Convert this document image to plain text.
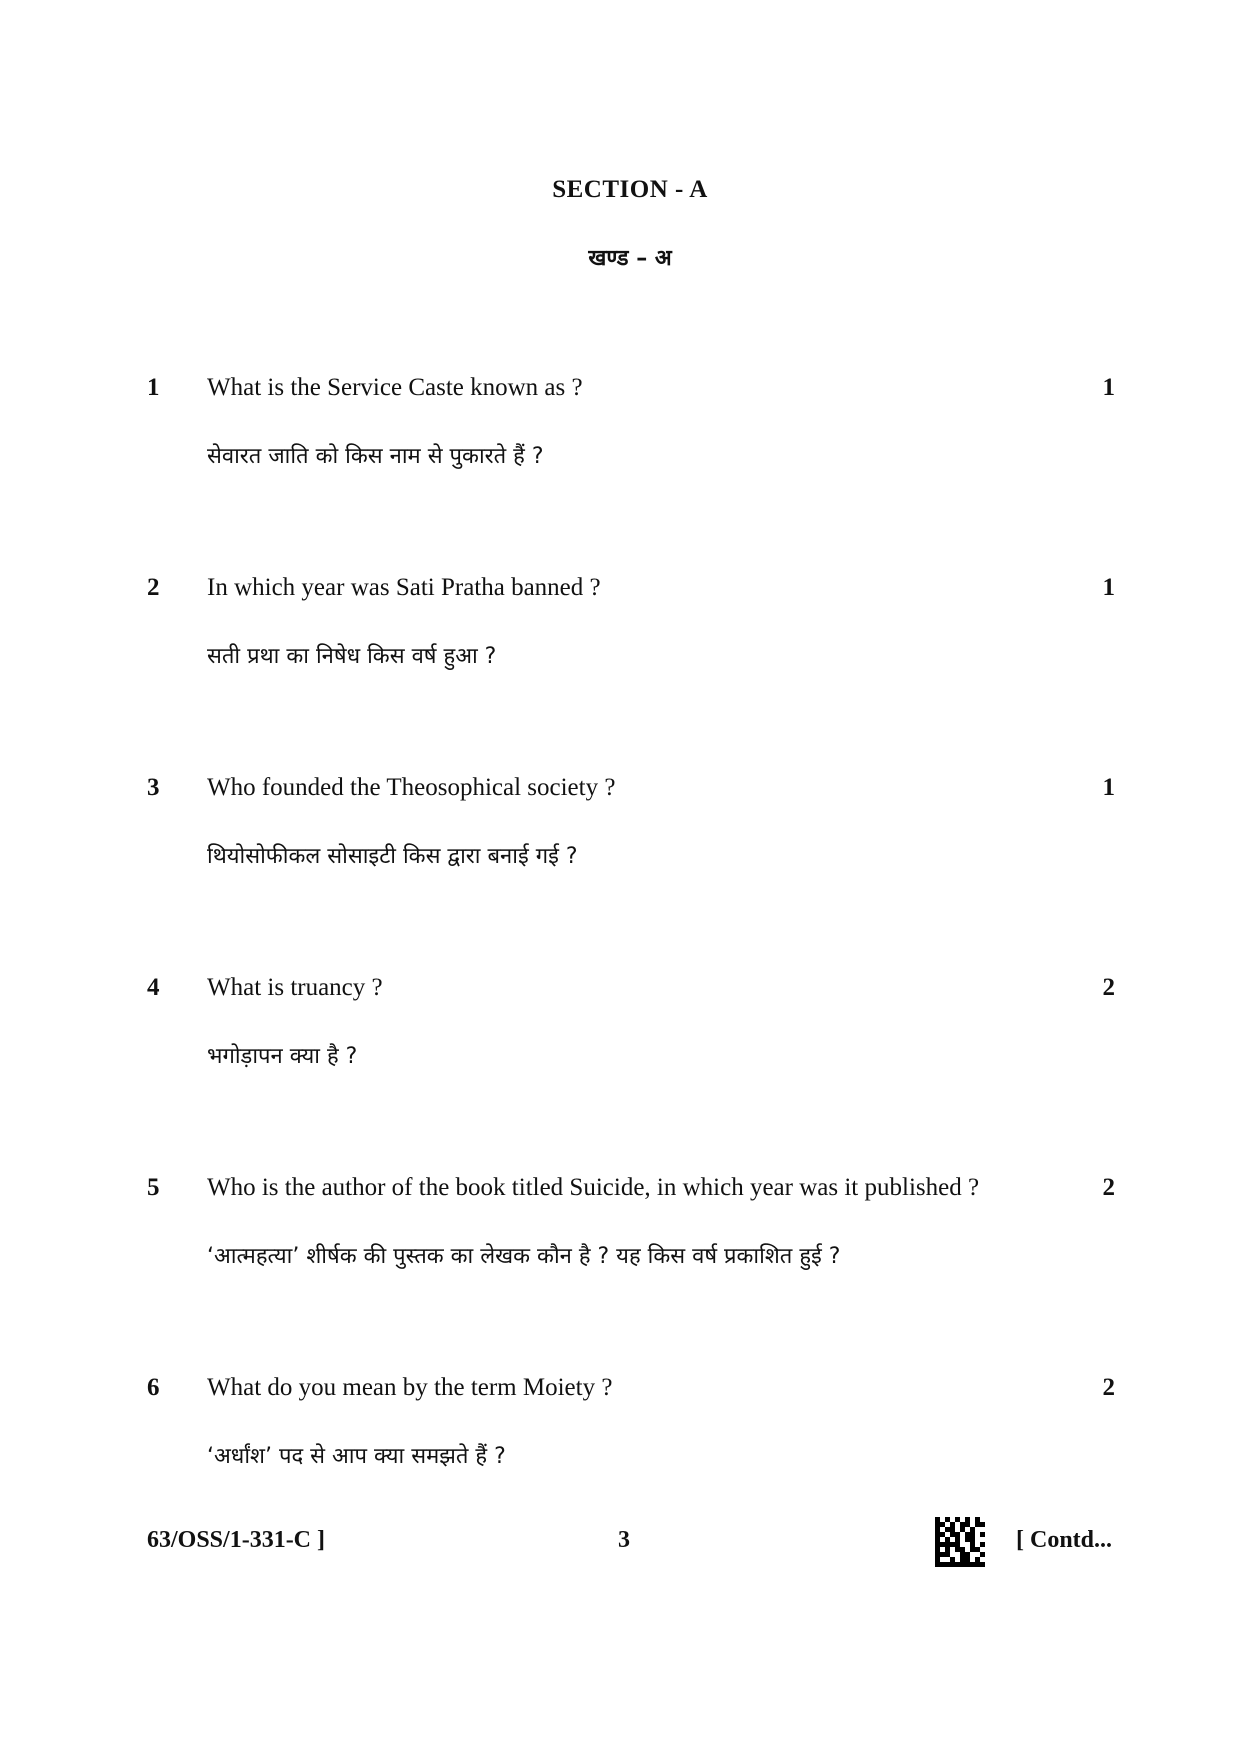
SECTION - A
खण्ड – अ
1 What is the Service Caste known as ?
सेवारत जाति को किस नाम से पुकारते हैं ?
1
2 In which year was Sati Pratha banned ?
सती प्रथा का निषेध किस वर्ष हुआ ?
1
3 Who founded the Theosophical society ?
थियोसोफीकल सोसाइटी किस द्वारा बनाई गई ?
1
4 What is truancy ?
भगोड़ापन क्या है ?
2
5 Who is the author of the book titled Suicide, in which year was it published ?
‘आत्महत्या’ शीर्षक की पुस्तक का लेखक कौन है ? यह किस वर्ष प्रकाशित हुई ?
2
6 What do you mean by the term Moiety ?
‘अर्धांश’ पद से आप क्या समझते हैं ?
2
63/OSS/1-331-C ]	3	[ Contd...
